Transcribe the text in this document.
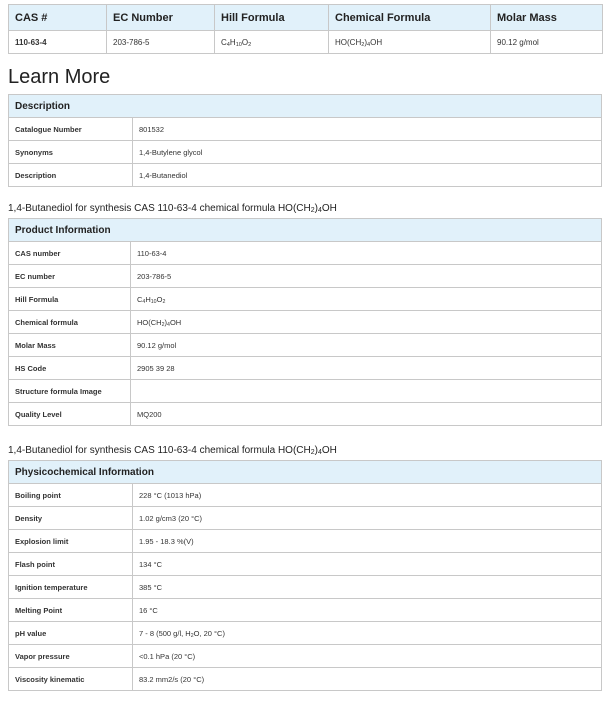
CAS #	EC Number	Hill Formula	Chemical Formula	Molar Mass
110-63-4	203-786-5	$C_4H_{10}O_2$	$HO(CH_2)_4OH$	90.12 g/mol
Learn More
Description	
Catalogue Number	801532
Synonyms	1,4-Butylene glycol
Description	1,4-Butanediol

1,4-Butanediol for synthesis CAS 110-63-4 chemical formula $HO(CH_2)_4OH$

Product Information	
CAS number	110-63-4
EC number	203-786-5
Hill Formula	$C_4H_{10}O_2$
Chemical formula	$HO(CH_2)_4OH$
Molar Mass	90.12 g/mol
HS Code	2905 39 28
Structure formula Image	
Quality Level	MQ200

1,4-Butanediol for synthesis CAS 110-63-4 chemical formula $HO(CH_2)_4OH$

Physicochemical Information	
Boiling point	228 °C (1013 hPa)
Density	1.02 g/cm3 (20 °C)
Explosion limit	1.95 - 18.3 %(V)
Flash point	134 °C
Ignition temperature	385 °C
Melting Point	16 °C
pH value	7 - 8 (500 g/l, $H_2O$, 20 °C)
Vapor pressure	<0.1 hPa (20 °C)
Viscosity kinematic	83.2 mm2/s (20 °C)
